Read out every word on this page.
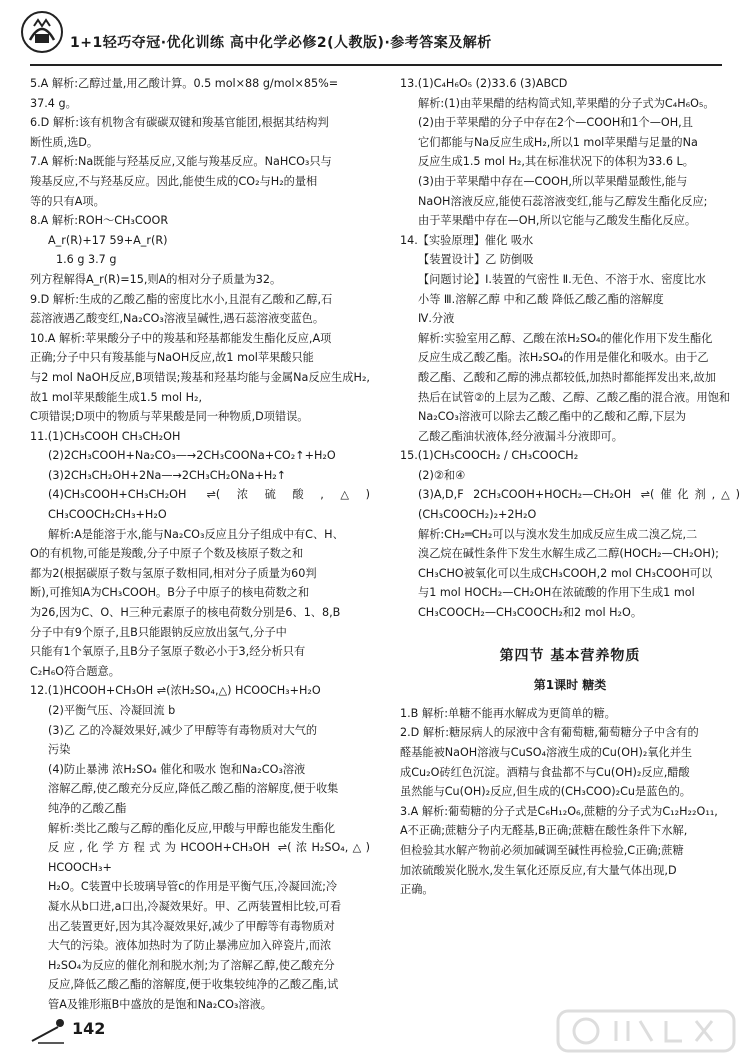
1+1轻巧夺冠·优化训练 高中化学必修2(人教版)·参考答案及解析
5.A 解析:乙醇过量,用乙酸计算。0.5 mol×88 g/mol×85%=
37.4 g。
6.D 解析:该有机物含有碳碳双键和羧基官能团,根据其结构判
断性质,选D。
7.A 解析:Na既能与羟基反应,又能与羧基反应。NaHCO₃只与
羧基反应,不与羟基反应。因此,能使生成的CO₂与H₂的量相
等的只有A项。
8.A 解析:ROH～CH₃COOR
A_r(R)+17 59+A_r(R)
1.6 g 3.7 g
列方程解得A_r(R)=15,则A的相对分子质量为32。
9.D 解析:生成的乙酸乙酯的密度比水小,且混有乙酸和乙醇,石
蕊溶液遇乙酸变红,Na₂CO₃溶液呈碱性,遇石蕊溶液变蓝色。
10.A 解析:苹果酸分子中的羧基和羟基都能发生酯化反应,A项
正确;分子中只有羧基能与NaOH反应,故1 mol苹果酸只能
与2 mol NaOH反应,B项错误;羧基和羟基均能与金属Na反应生成H₂,故1 mol苹果酸能生成1.5 mol H₂,
C项错误;D项中的物质与苹果酸是同一种物质,D项错误。
11.(1)CH₃COOH CH₃CH₂OH
(2)2CH₃COOH+Na₂CO₃—→2CH₃COONa+CO₂↑+H₂O
(3)2CH₃CH₂OH+2Na—→2CH₃CH₂ONa+H₂↑
(4)CH₃COOH+CH₃CH₂OH ⇌(浓硫酸,△) CH₃COOCH₂CH₃+H₂O
解析:A是能溶于水,能与Na₂CO₃反应且分子组成中有C、H、
O的有机物,可能是羧酸,分子中原子个数及核原子数之和
都为2(根据碳原子数与氢原子数相同,相对分子质量为60判
断),可推知A为CH₃COOH。B分子中原子的核电荷数之和
为26,因为C、O、H三种元素原子的核电荷数分别是6、1、8,B
分子中有9个原子,且B只能跟钠反应放出氢气,分子中
只能有1个氧原子,且B分子氢原子数必小于3,经分析只有
C₂H₆O符合题意。
12.(1)HCOOH+CH₃OH ⇌(浓H₂SO₄,△) HCOOCH₃+H₂O
(2)平衡气压、冷凝回流 b
(3)乙 乙的冷凝效果好,减少了甲醇等有毒物质对大气的
污染
(4)防止暴沸 浓H₂SO₄ 催化和吸水 饱和Na₂CO₃溶液
溶解乙醇,使乙酸充分反应,降低乙酸乙酯的溶解度,便于收集
纯净的乙酸乙酯
解析:类比乙酸与乙醇的酯化反应,甲酸与甲醇也能发生酯化
反应,化学方程式为HCOOH+CH₃OH ⇌(浓H₂SO₄,△) HCOOCH₃+
H₂O。C装置中长玻璃导管c的作用是平衡气压,冷凝回流;冷
凝水从b口进,a口出,冷凝效果好。甲、乙两装置相比较,可看
出乙装置更好,因为其冷凝效果好,减少了甲醇等有毒物质对
大气的污染。液体加热时为了防止暴沸应加入碎瓷片,而浓
H₂SO₄为反应的催化剂和脱水剂;为了溶解乙醇,使乙酸充分
反应,降低乙酸乙酯的溶解度,便于收集较纯净的乙酸乙酯,试
管A及锥形瓶B中盛放的是饱和Na₂CO₃溶液。
13.(1)C₄H₆O₅ (2)33.6 (3)ABCD
解析:(1)由苹果醋的结构简式知,苹果醋的分子式为C₄H₆O₅。
(2)由于苹果醋的分子中存在2个—COOH和1个—OH,且
它们都能与Na反应生成H₂,所以1 mol苹果醋与足量的Na
反应生成1.5 mol H₂,其在标准状况下的体积为33.6 L。
(3)由于苹果醋中存在—COOH,所以苹果醋显酸性,能与
NaOH溶液反应,能使石蕊溶液变红,能与乙醇发生酯化反应;
由于苹果醋中存在—OH,所以它能与乙酸发生酯化反应。
14.【实验原理】催化 吸水
【装置设计】乙 防倒吸
【问题讨论】Ⅰ.装置的气密性 Ⅱ.无色、不溶于水、密度比水
小等 Ⅲ.溶解乙醇 中和乙酸 降低乙酸乙酯的溶解度
Ⅳ.分液
解析:实验室用乙醇、乙酸在浓H₂SO₄的催化作用下发生酯化
反应生成乙酸乙酯。浓H₂SO₄的作用是催化和吸水。由于乙
酸乙酯、乙酸和乙醇的沸点都较低,加热时都能挥发出来,故加
热后在试管②的上层为乙酸、乙醇、乙酸乙酯的混合液。用饱和
Na₂CO₃溶液可以除去乙酸乙酯中的乙酸和乙醇,下层为
乙酸乙酯油状液体,经分液漏斗分液即可。
15.(1)CH₃COOCH₂ / CH₃COOCH₂
(2)②和④
(3)A,D,F 2CH₃COOH+HOCH₂—CH₂OH ⇌(催化剂,△) (CH₃COOCH₂)₂+2H₂O
解析:CH₂═CH₂可以与溴水发生加成反应生成二溴乙烷,二
溴乙烷在碱性条件下发生水解生成乙二醇(HOCH₂—CH₂OH);
CH₃CHO被氧化可以生成CH₃COOH,2 mol CH₃COOH可以
与1 mol HOCH₂—CH₂OH在浓硫酸的作用下生成1 mol
CH₃COOCH₂—CH₃COOCH₂和2 mol H₂O。
第四节 基本营养物质
第1课时 糖类
1.B 解析:单糖不能再水解成为更简单的糖。
2.D 解析:糖尿病人的尿液中含有葡萄糖,葡萄糖分子中含有的
醛基能被NaOH溶液与CuSO₄溶液生成的Cu(OH)₂氧化并生
成Cu₂O砖红色沉淀。酒精与食盐都不与Cu(OH)₂反应,醋酸
虽然能与Cu(OH)₂反应,但生成的(CH₃COO)₂Cu是蓝色的。
3.A 解析:葡萄糖的分子式是C₆H₁₂O₆,蔗糖的分子式为C₁₂H₂₂O₁₁,
A不正确;蔗糖分子内无醛基,B正确;蔗糖在酸性条件下水解,
但检验其水解产物前必须加碱调至碱性再检验,C正确;蔗糖
加浓硫酸炭化脱水,发生氧化还原反应,有大量气体出现,D
正确。
142
